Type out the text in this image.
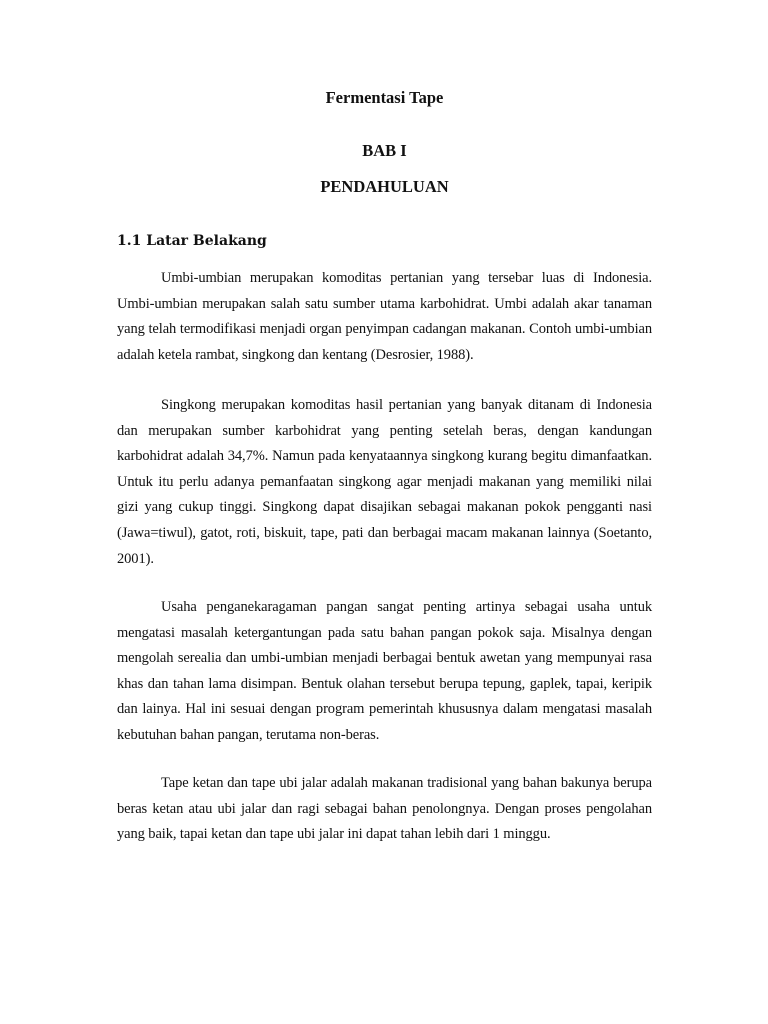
Fermentasi Tape
BAB I
PENDAHULUAN
1.1 Latar Belakang

Umbi-umbian merupakan komoditas pertanian yang tersebar luas di Indonesia. Umbi-umbian merupakan salah satu sumber utama karbohidrat. Umbi adalah akar tanaman yang telah termodifikasi menjadi organ penyimpan cadangan makanan. Contoh umbi-umbian adalah ketela rambat, singkong dan kentang (Desrosier, 1988).

Singkong merupakan komoditas hasil pertanian yang banyak ditanam di Indonesia dan merupakan sumber karbohidrat yang penting setelah beras, dengan kandungan karbohidrat adalah 34,7%. Namun pada kenyataannya singkong kurang begitu dimanfaatkan. Untuk itu perlu adanya pemanfaatan singkong agar menjadi makanan yang memiliki nilai gizi yang cukup tinggi. Singkong dapat disajikan sebagai makanan pokok pengganti nasi (Jawa=tiwul), gatot, roti, biskuit, tape, pati dan berbagai macam makanan lainnya (Soetanto, 2001).

Usaha penganekaragaman pangan sangat penting artinya sebagai usaha untuk mengatasi masalah ketergantungan pada satu bahan pangan pokok saja. Misalnya dengan mengolah serealia dan umbi-umbian menjadi berbagai bentuk awetan yang mempunyai rasa khas dan tahan lama disimpan. Bentuk olahan tersebut berupa tepung, gaplek, tapai, keripik dan lainya. Hal ini sesuai dengan program pemerintah khususnya dalam mengatasi masalah kebutuhan bahan pangan, terutama non-beras.

Tape ketan dan tape ubi jalar adalah makanan tradisional yang bahan bakunya berupa beras ketan atau ubi jalar dan ragi sebagai bahan penolongnya. Dengan proses pengolahan yang baik, tapai ketan dan tape ubi jalar ini dapat tahan lebih dari 1 minggu.
